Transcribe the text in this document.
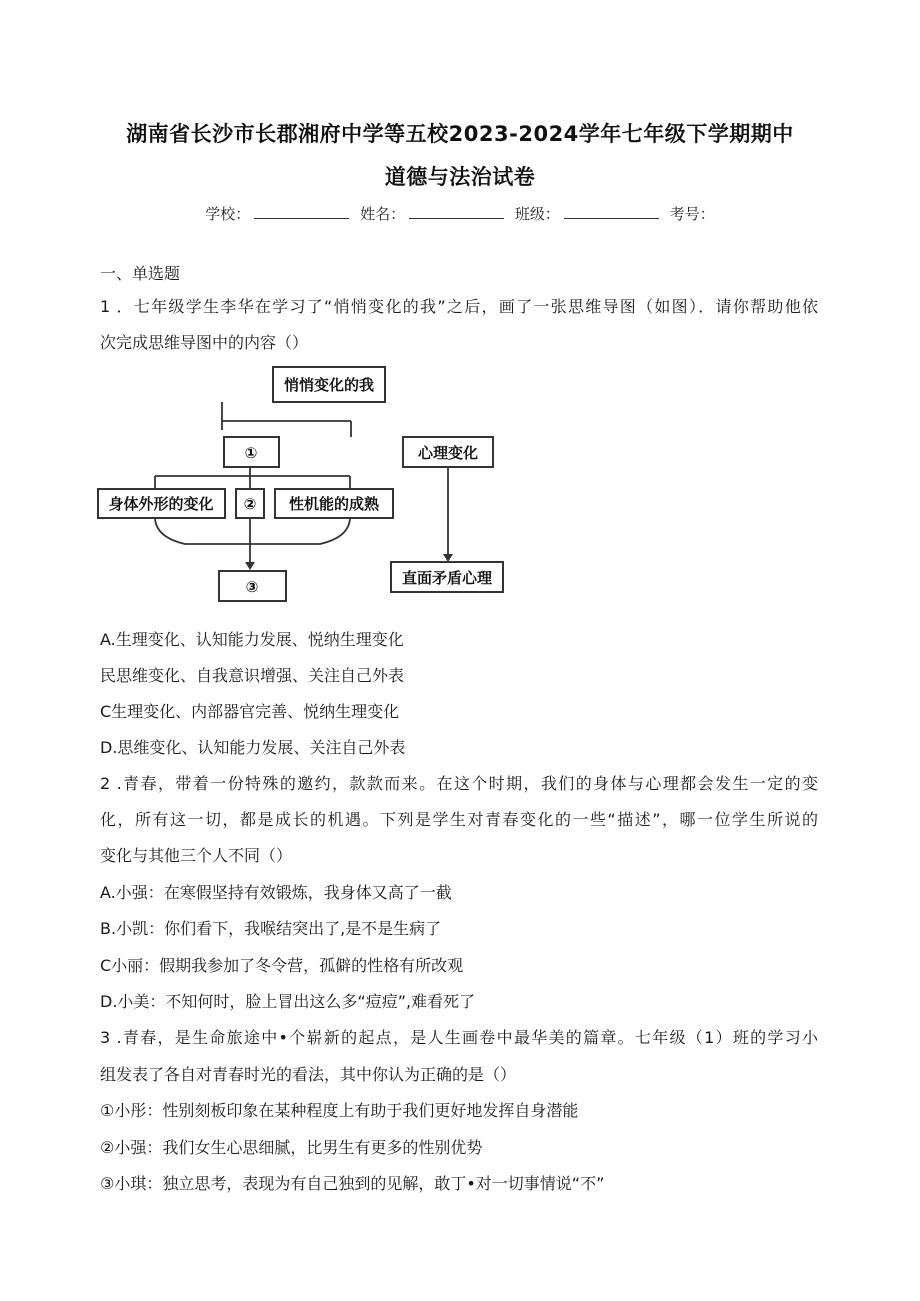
湖南省长沙市长郡湘府中学等五校2023-2024学年七年级下学期期中
道德与法治试卷
学校：	姓名：	班级：	考号：
一、单选题
1 ．七年级学生李华在学习了“悄悄变化的我”之后，画了一张思维导图（如图）．请你帮助他依
次完成思维导图中的内容（）
悄悄变化的我
①	心理变化
身体外形的变化 ② 性机能的成熟
③	直面矛盾心理
A.生理变化、认知能力发展、悦纳生理变化
民思维变化、自我意识增强、关注自己外表
C生理变化、内部器官完善、悦纳生理变化
D.思维变化、认知能力发展、关注自己外表
2 .青春，带着一份特殊的邀约，款款而来。在这个时期，我们的身体与心理都会发生一定的变
化，所有这一切，都是成长的机遇。下列是学生对青春变化的一些“描述”，哪一位学生所说的
变化与其他三个人不同（）
A.小强：在寒假坚持有效锻炼，我身体又高了一截
B.小凯：你们看下，我喉结突出了,是不是生病了
C小丽：假期我参加了冬令营，孤僻的性格有所改观
D.小美：不知何时，脸上冒出这么多“痘痘”,难看死了
3 .青春，是生命旅途中•个崭新的起点，是人生画卷中最华美的篇章。七年级（1）班的学习小
组发表了各自对青春时光的看法，其中你认为正确的是（）
①小彤：性别刻板印象在某种程度上有助于我们更好地发挥自身潜能
②小强：我们女生心思细腻，比男生有更多的性别优势
③小琪：独立思考，表现为有自己独到的见解，敢丁•对一切事情说“不”
